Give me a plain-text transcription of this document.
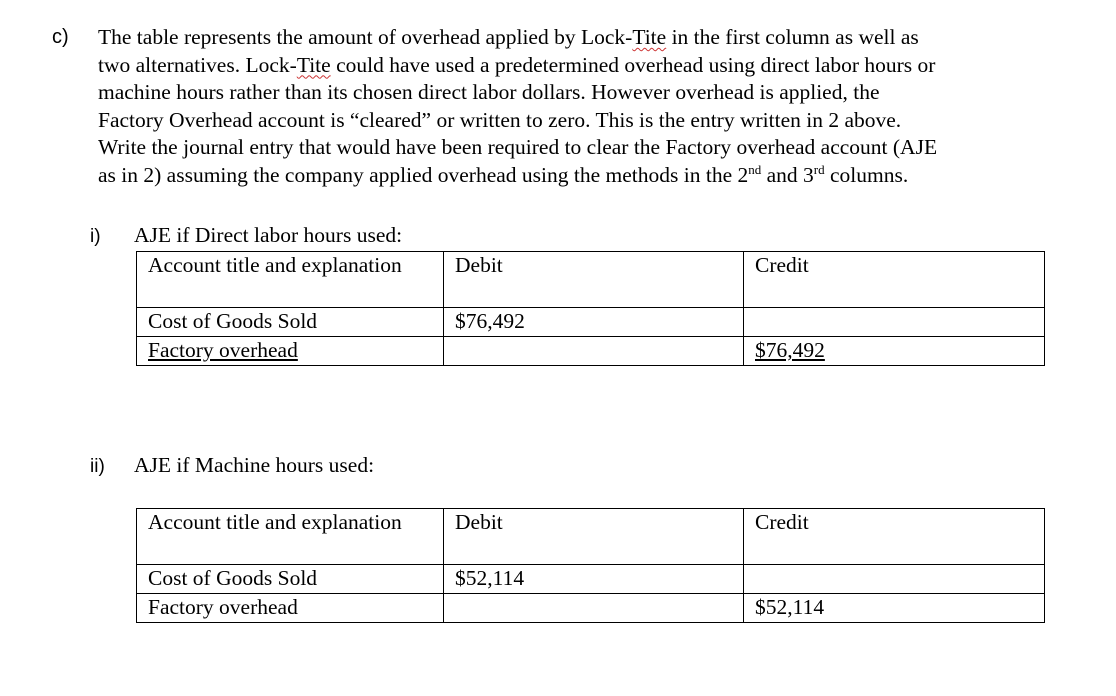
c) The table represents the amount of overhead applied by Lock-Tite in the first column as well as
two alternatives. Lock-Tite could have used a predetermined overhead using direct labor hours or
machine hours rather than its chosen direct labor dollars. However overhead is applied, the
Factory Overhead account is “cleared” or written to zero. This is the entry written in 2 above.
Write the journal entry that would have been required to clear the Factory overhead account (AJE
as in 2) assuming the company applied overhead using the methods in the 2nd and 3rd columns.
i) AJE if Direct labor hours used:
Account title and explanation	Debit	Credit
Cost of Goods Sold	$76,492	
Factory overhead		$76,492
ii) AJE if Machine hours used:
Account title and explanation	Debit	Credit
Cost of Goods Sold	$52,114	
Factory overhead		$52,114
